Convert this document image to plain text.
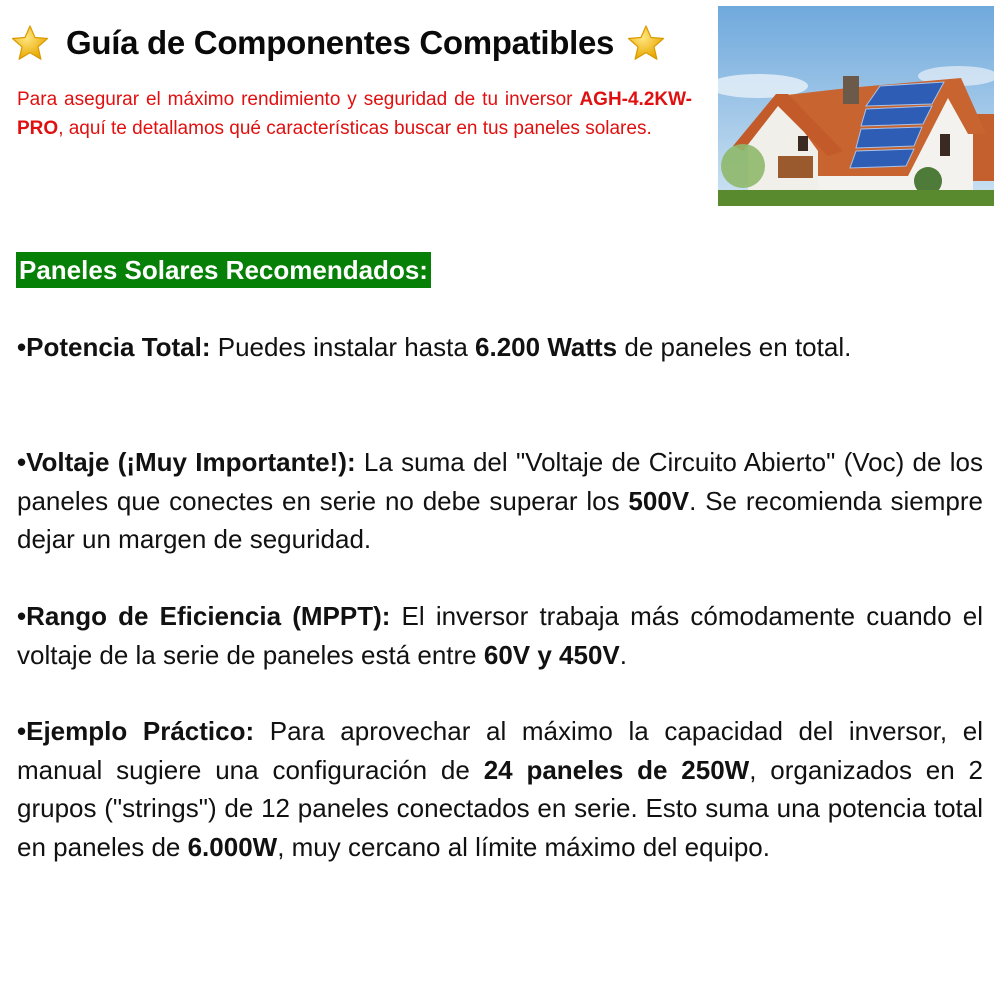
Guía de Componentes Compatibles

Para asegurar el máximo rendimiento y seguridad de tu inversor AGH-4.2KW-PRO, aquí te detallamos qué características buscar en tus paneles solares.

Paneles Solares Recomendados:

•Potencia Total: Puedes instalar hasta 6.200 Watts de paneles en total.

•Voltaje (¡Muy Importante!): La suma del "Voltaje de Circuito Abierto" (Voc) de los paneles que conectes en serie no debe superar los 500V. Se recomienda siempre dejar un margen de seguridad.

•Rango de Eficiencia (MPPT): El inversor trabaja más cómodamente cuando el voltaje de la serie de paneles está entre 60V y 450V.

•Ejemplo Práctico: Para aprovechar al máximo la capacidad del inversor, el manual sugiere una configuración de 24 paneles de 250W, organizados en 2 grupos ("strings") de 12 paneles conectados en serie. Esto suma una potencia total en paneles de 6.000W, muy cercano al límite máximo del equipo.
